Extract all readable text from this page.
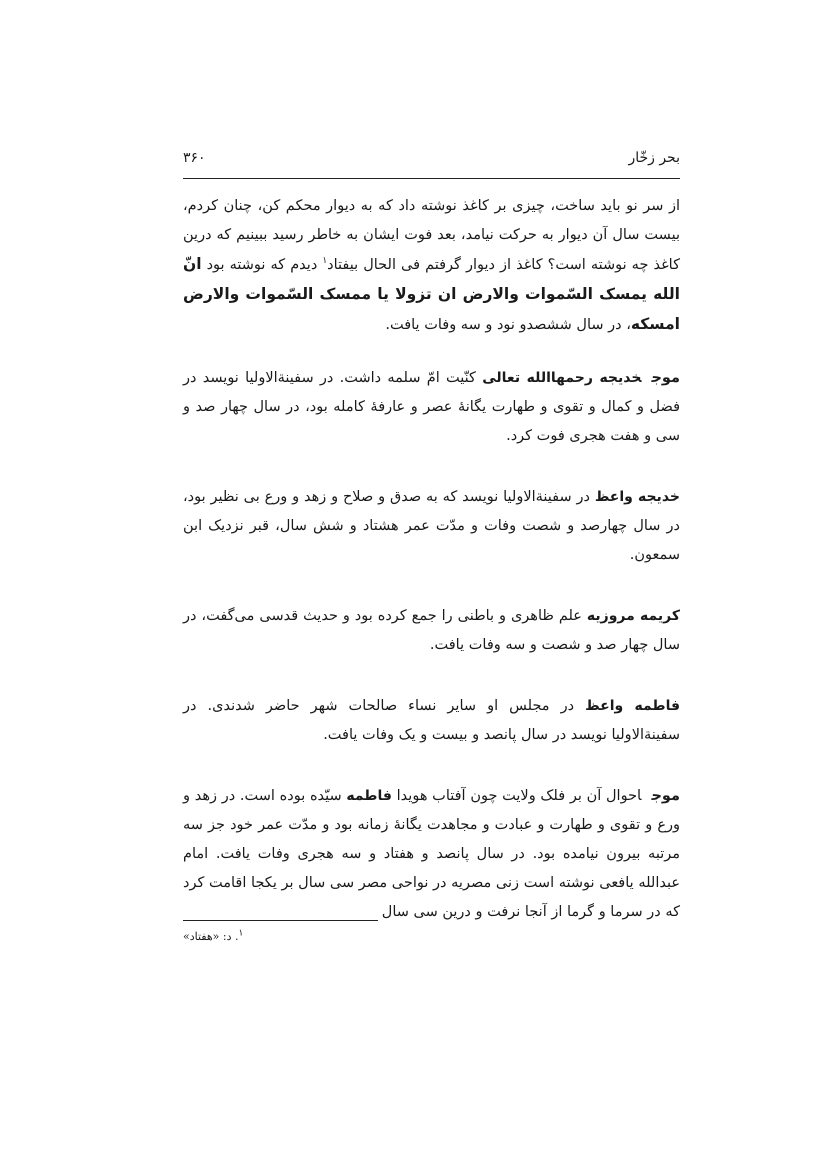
بحر زخّار
۳۶۰

از سر نو باید ساخت، چیزی بر کاغذ نوشته داد که به دیوار محکم کن، چنان کردم، بیست سال آن دیوار به حرکت نیامد، بعد فوت ایشان به خاطر رسید ببینیم که درین کاغذ چه نوشته است؟ کاغذ از دیوار گرفتم فی الحال بیفتاد$^۱$ دیدم که نوشته بود انّ الله یمسک السّموات والارض ان تزولا یا ممسک السّموات والارض امسکه، در سال ششصدو نود و سه وفات یافت.

موجخدیجه رحمهاالله تعالی کنّیت امّ سلمه داشت. در سفینةالاولیا نویسد در فضل و کمال و تقوی و طهارت یگانۀ عصر و عارفۀ کامله بود، در سال چهار صد و سی و هفت هجری فوت کرد.

خدیجه واعظ در سفینةالاولیا نویسد که به صدق و صلاح و زهد و ورع بی نظیر بود، در سال چهارصد و شصت وفات و مدّت عمر هشتاد و شش سال، قبر نزدیک ابن سمعون.

کریمه مروزیه علم ظاهری و باطنی را جمع کرده بود و حدیث قدسی می‌گفت، در سال چهار صد و شصت و سه وفات یافت.

فاطمه واعظ در مجلس او سایر نساء صالحات شهر حاضر شدندی. در سفینةالاولیا نویسد در سال پانصد و بیست و یک وفات یافت.

موجاحوال آن بر فلک ولایت چون آفتاب هویدا فاطمه سیّده بوده است. در زهد و ورع و تقوی و طهارت و عبادت و مجاهدت یگانۀ زمانه بود و مدّت عمر خود جز سه مرتبه بیرون نیامده بود. در سال پانصد و هفتاد و سه هجری وفات یافت. امام عبدالله یافعی نوشته است زنی مصریه در نواحی مصر سی سال بر یکجا اقامت کرد که در سرما و گرما از آنجا نرفت و درین سی سال

$^۱$. د: «هفتاد»
